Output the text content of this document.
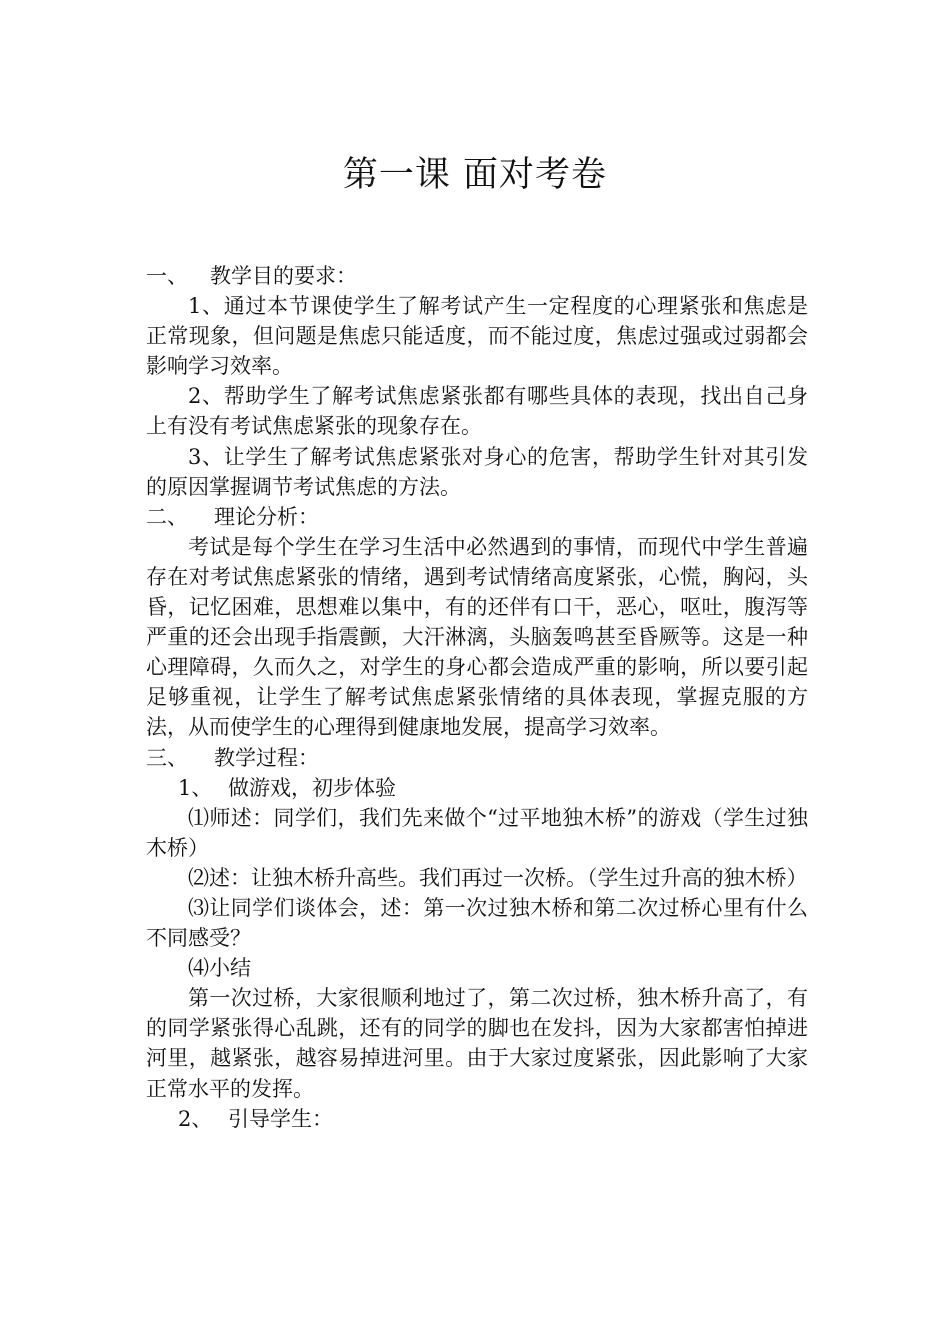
第一课 面对考卷

一、 教学目的要求：

1、通过本节课使学生了解考试产生一定程度的心理紧张和焦虑是正常现象，但问题是焦虑只能适度，而不能过度，焦虑过强或过弱都会影响学习效率。

2、帮助学生了解考试焦虑紧张都有哪些具体的表现，找出自己身上有没有考试焦虑紧张的现象存在。

3、让学生了解考试焦虑紧张对身心的危害，帮助学生针对其引发的原因掌握调节考试焦虑的方法。

二、 理论分析：

考试是每个学生在学习生活中必然遇到的事情，而现代中学生普遍存在对考试焦虑紧张的情绪，遇到考试情绪高度紧张，心慌，胸闷，头昏，记忆困难，思想难以集中，有的还伴有口干，恶心，呕吐，腹泻等严重的还会出现手指震颤，大汗淋漓，头脑轰鸣甚至昏厥等。这是一种心理障碍，久而久之，对学生的身心都会造成严重的影响，所以要引起足够重视，让学生了解考试焦虑紧张情绪的具体表现，掌握克服的方法，从而使学生的心理得到健康地发展，提高学习效率。

三、 教学过程：

1、 做游戏，初步体验

⑴师述：同学们，我们先来做个“过平地独木桥”的游戏（学生过独木桥）

⑵述：让独木桥升高些。我们再过一次桥。（学生过升高的独木桥）

⑶让同学们谈体会，述：第一次过独木桥和第二次过桥心里有什么不同感受？

⑷小结

第一次过桥，大家很顺利地过了，第二次过桥，独木桥升高了，有的同学紧张得心乱跳，还有的同学的脚也在发抖，因为大家都害怕掉进河里，越紧张，越容易掉进河里。由于大家过度紧张，因此影响了大家正常水平的发挥。

2、 引导学生：
